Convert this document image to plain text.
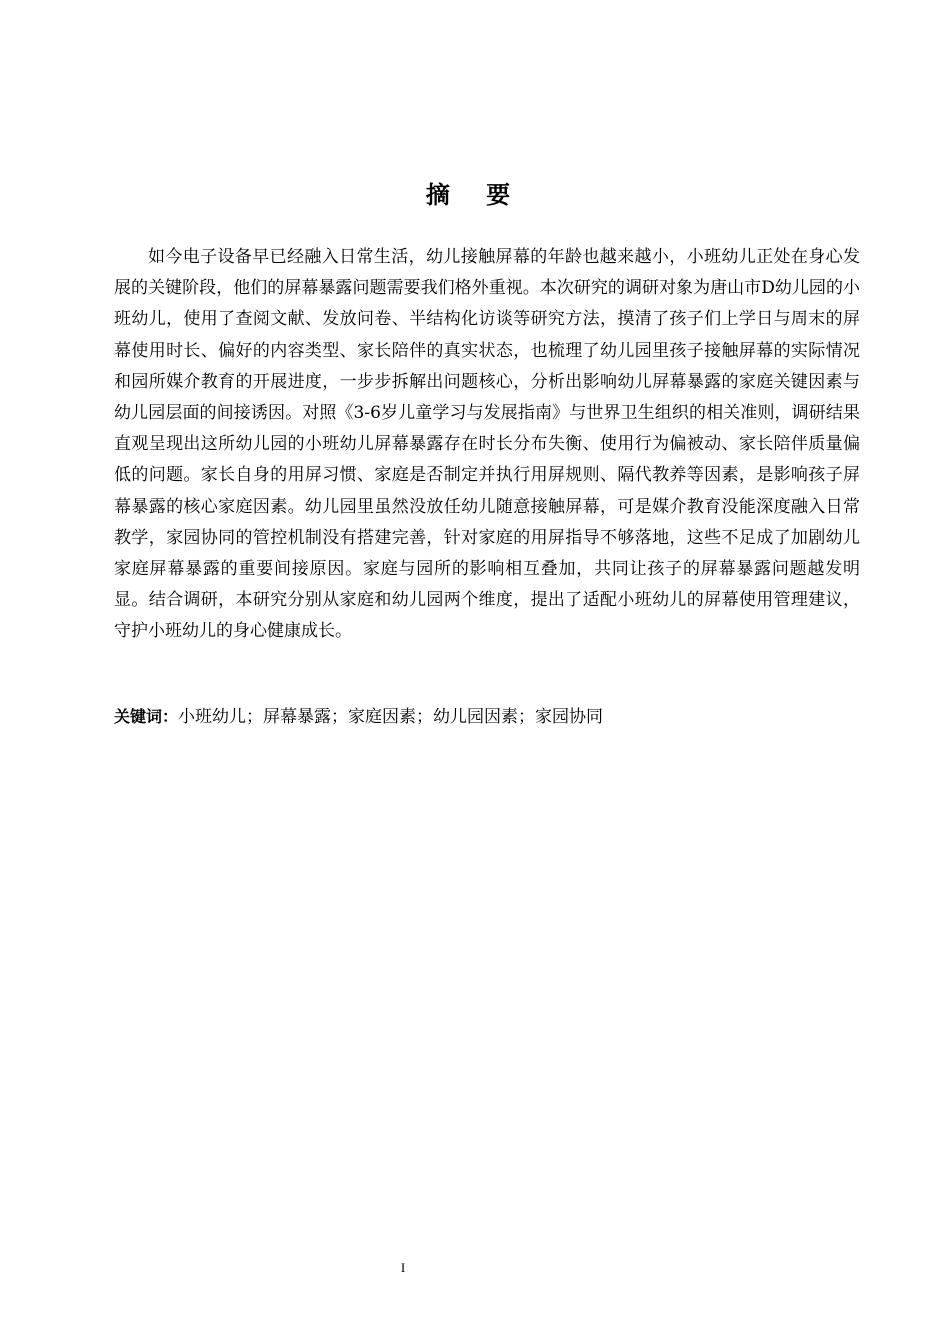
摘 要

如今电子设备早已经融入日常生活，幼儿接触屏幕的年龄也越来越小，小班幼儿正处在身心发展的关键阶段，他们的屏幕暴露问题需要我们格外重视。本次研究的调研对象为唐山市D幼儿园的小班幼儿，使用了查阅文献、发放问卷、半结构化访谈等研究方法，摸清了孩子们上学日与周末的屏幕使用时长、偏好的内容类型、家长陪伴的真实状态，也梳理了幼儿园里孩子接触屏幕的实际情况和园所媒介教育的开展进度，一步步拆解出问题核心，分析出影响幼儿屏幕暴露的家庭关键因素与幼儿园层面的间接诱因。对照《3-6岁儿童学习与发展指南》与世界卫生组织的相关准则，调研结果直观呈现出这所幼儿园的小班幼儿屏幕暴露存在时长分布失衡、使用行为偏被动、家长陪伴质量偏低的问题。家长自身的用屏习惯、家庭是否制定并执行用屏规则、隔代教养等因素，是影响孩子屏幕暴露的核心家庭因素。幼儿园里虽然没放任幼儿随意接触屏幕，可是媒介教育没能深度融入日常教学，家园协同的管控机制没有搭建完善，针对家庭的用屏指导不够落地，这些不足成了加剧幼儿家庭屏幕暴露的重要间接原因。家庭与园所的影响相互叠加，共同让孩子的屏幕暴露问题越发明显。结合调研，本研究分别从家庭和幼儿园两个维度，提出了适配小班幼儿的屏幕使用管理建议，守护小班幼儿的身心健康成长。

关键词：小班幼儿；屏幕暴露；家庭因素；幼儿园因素；家园协同

I
